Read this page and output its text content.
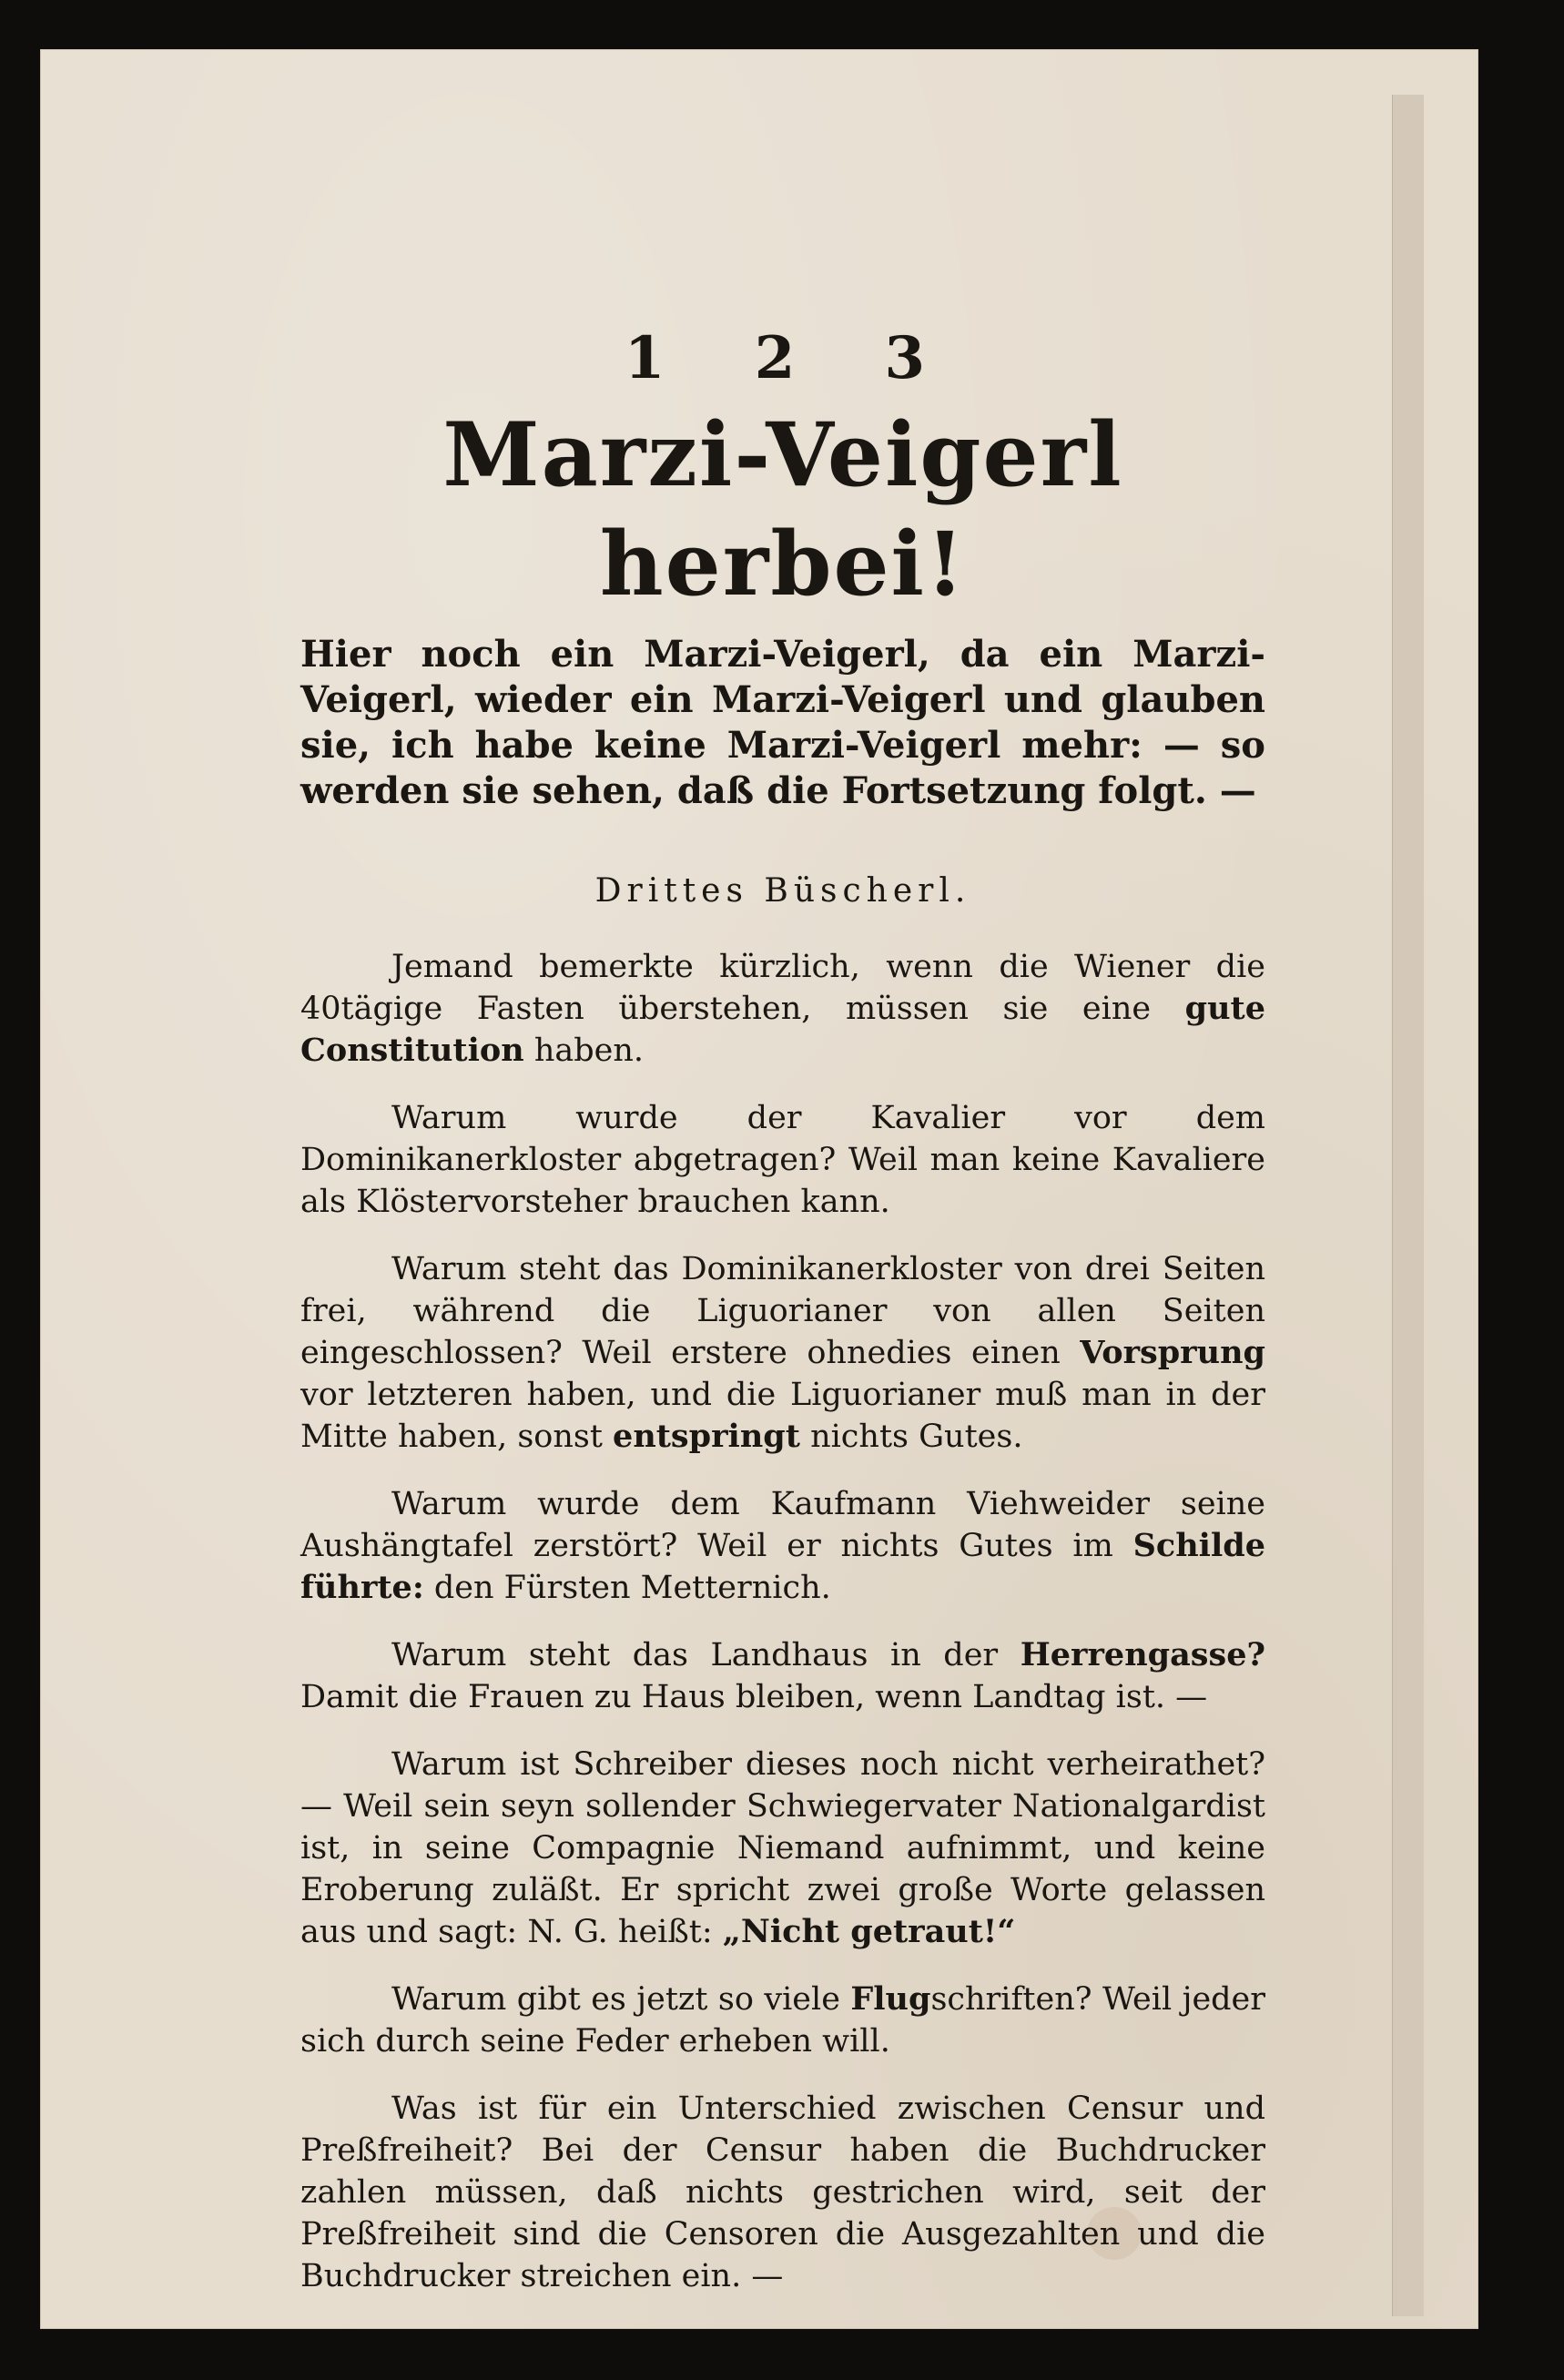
1 2 3
Marzi-Veigerl herbei!

Hier noch ein Marzi-Veigerl, da ein Marzi-Veigerl, wieder ein Marzi-Veigerl und glauben sie, ich habe keine Marzi-Veigerl mehr: — so werden sie sehen, daß die Fortsetzung folgt. —

Drittes Büscherl.

Jemand bemerkte kürzlich, wenn die Wiener die 40tägige Fasten überstehen, müssen sie eine gute Constitution haben.

Warum wurde der Kavalier vor dem Dominikanerkloster abgetragen? Weil man keine Kavaliere als Klöstervorsteher brauchen kann.

Warum steht das Dominikanerkloster von drei Seiten frei, während die Liguorianer von allen Seiten eingeschlossen? Weil erstere ohnedies einen Vorsprung vor letzteren haben, und die Liguorianer muß man in der Mitte haben, sonst entspringt nichts Gutes.

Warum wurde dem Kaufmann Viehweider seine Aushängtafel zerstört? Weil er nichts Gutes im Schilde führte: den Fürsten Metternich.

Warum steht das Landhaus in der Herrengasse? Damit die Frauen zu Haus bleiben, wenn Landtag ist. —

Warum ist Schreiber dieses noch nicht verheirathet? — Weil sein seyn sollender Schwiegervater Nationalgardist ist, in seine Compagnie Niemand aufnimmt, und keine Eroberung zuläßt. Er spricht zwei große Worte gelassen aus und sagt: N. G. heißt: „Nicht getraut!“

Warum gibt es jetzt so viele Flugschriften? Weil jeder sich durch seine Feder erheben will.

Was ist für ein Unterschied zwischen Censur und Preßfreiheit? Bei der Censur haben die Buchdrucker zahlen müssen, daß nichts gestrichen wird, seit der Preßfreiheit sind die Censoren die Ausgezahlten und die Buchdrucker streichen ein. —
